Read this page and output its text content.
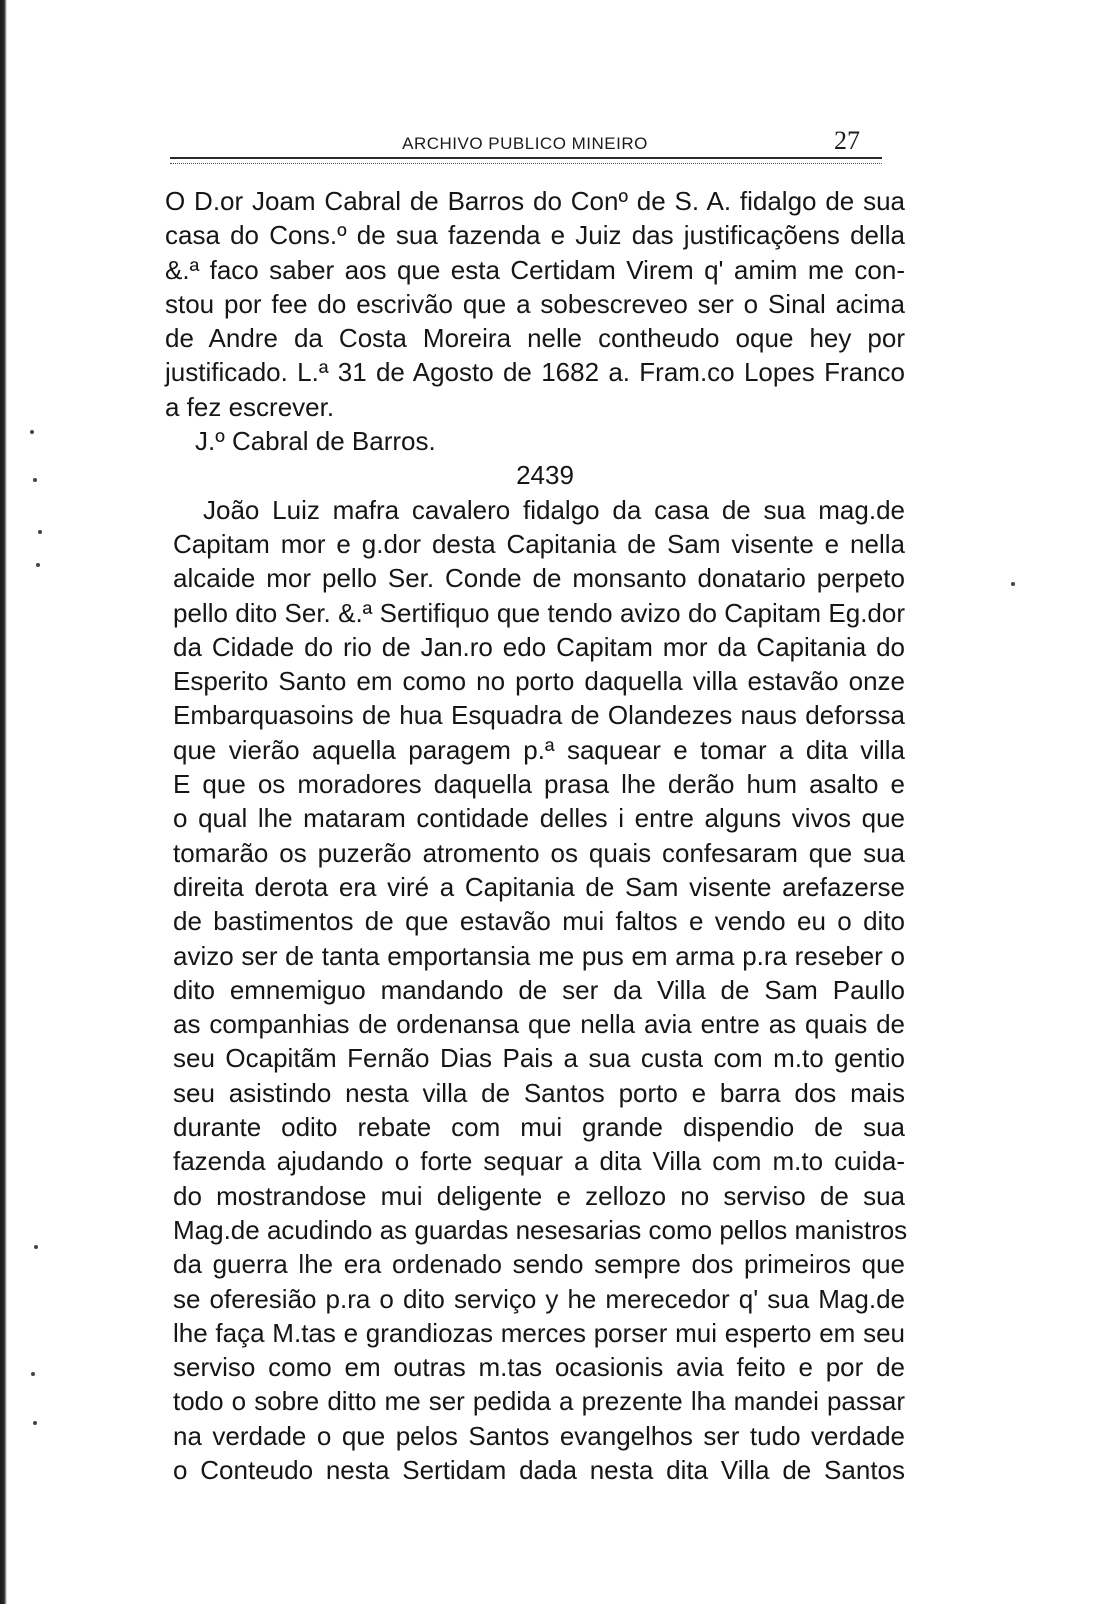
ARCHIVO PUBLICO MINEIRO	27
O D.or Joam Cabral de Barros do Conº de S. A. fidalgo de sua
casa do Cons.º de sua fazenda e Juiz das justificaçõens della
&.ª faco saber aos que esta Certidam Virem q' amim me con-
stou por fee do escrivão que a sobescreveo ser o Sinal acima
de Andre da Costa Moreira nelle contheudo oque hey por
justificado. L.ª 31 de Agosto de 1682 a. Fram.co Lopes Franco
a fez escrever.
J.º Cabral de Barros.
2439
João Luiz mafra cavalero fidalgo da casa de sua mag.de
Capitam mor e g.dor desta Capitania de Sam visente e nella
alcaide mor pello Ser. Conde de monsanto donatario perpeto
pello dito Ser. &.ª Sertifiquo que tendo avizo do Capitam Eg.dor
da Cidade do rio de Jan.ro edo Capitam mor da Capitania do
Esperito Santo em como no porto daquella villa estavão onze
Embarquasoins de hua Esquadra de Olandezes naus deforssa
que vierão aquella paragem p.ª saquear e tomar a dita villa
E que os moradores daquella prasa lhe derão hum asalto e
o qual lhe mataram contidade delles i entre alguns vivos que
tomarão os puzerão atromento os quais confesaram que sua
direita derota era viré a Capitania de Sam visente arefazerse
de bastimentos de que estavão mui faltos e vendo eu o dito
avizo ser de tanta emportansia me pus em arma p.ra reseber o
dito emnemiguo mandando de ser da Villa de Sam Paullo
as companhias de ordenansa que nella avia entre as quais de
seu Ocapitãm Fernão Dias Pais a sua custa com m.to gentio
seu asistindo nesta villa de Santos porto e barra dos mais
durante odito rebate com mui grande dispendio de sua
fazenda ajudando o forte sequar a dita Villa com m.to cuida-
do mostrandose mui deligente e zellozo no serviso de sua
Mag.de acudindo as guardas nesesarias como pellos manistros
da guerra lhe era ordenado sendo sempre dos primeiros que
se oferesião p.ra o dito serviço y he merecedor q' sua Mag.de
lhe faça M.tas e grandiozas merces porser mui esperto em seu
serviso como em outras m.tas ocasionis avia feito e por de
todo o sobre ditto me ser pedida a prezente lha mandei passar
na verdade o que pelos Santos evangelhos ser tudo verdade
o Conteudo nesta Sertidam dada nesta dita Villa de Santos
